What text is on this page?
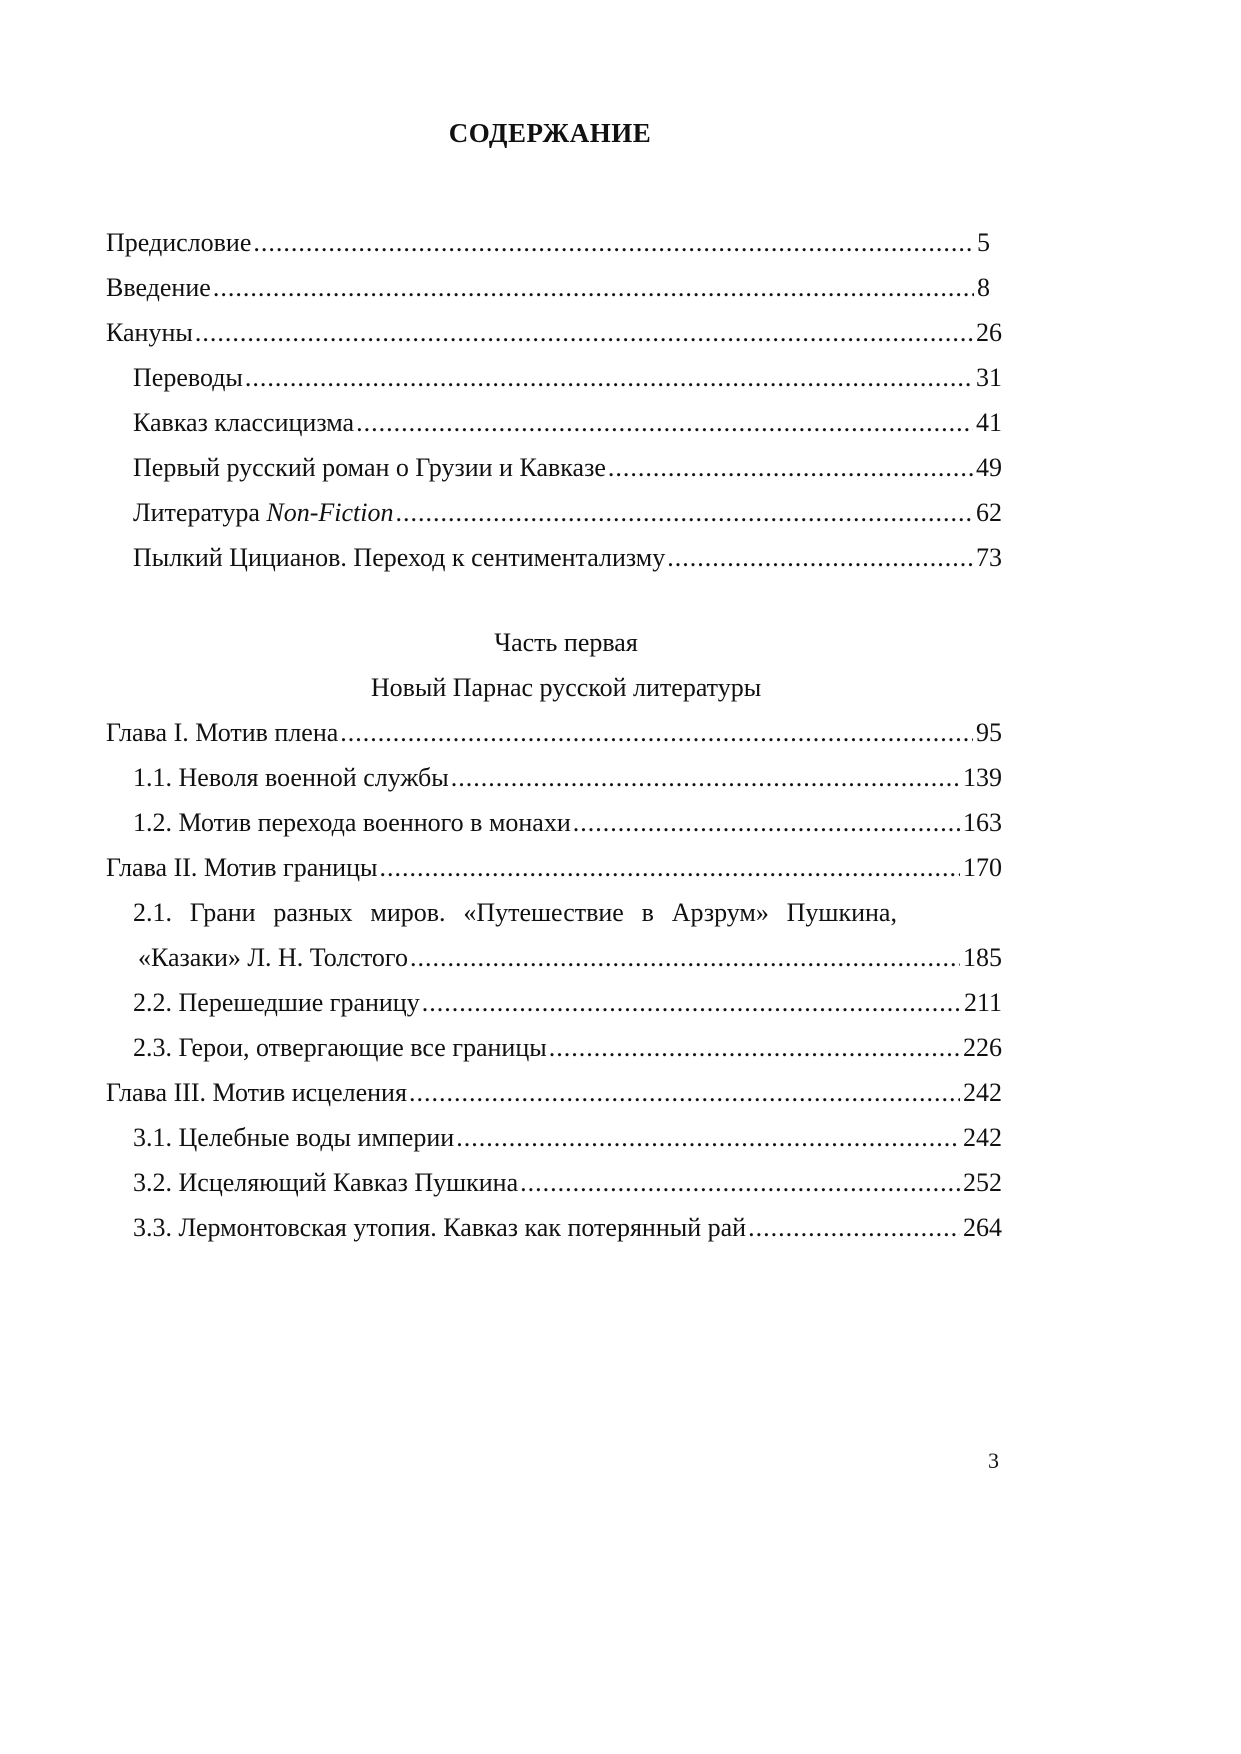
СОДЕРЖАНИЕ
Предисловие .....	5
Введение .....	8
Кануны .....	26
Переводы .....	31
Кавказ классицизма .....	41
Первый русский роман о Грузии и Кавказе .....	49
Литература Non-Fiction .....	62
Пылкий Цицианов. Переход к сентиментализму .....	73
Часть первая
Новый Парнас русской литературы
Глава I. Мотив плена .....	95
1.1. Неволя военной службы .....	139
1.2. Мотив перехода военного в монахи .....	163
Глава II. Мотив границы .....	170
2.1. Грани разных миров. «Путешествие в Арзрум» Пушкина,
«Казаки» Л. Н. Толстого .....	185
2.2. Перешедшие границу .....	211
2.3. Герои, отвергающие все границы .....	226
Глава III. Мотив исцеления .....	242
3.1. Целебные воды империи .....	242
3.2. Исцеляющий Кавказ Пушкина .....	252
3.3. Лермонтовская утопия. Кавказ как потерянный рай .....	264
3
